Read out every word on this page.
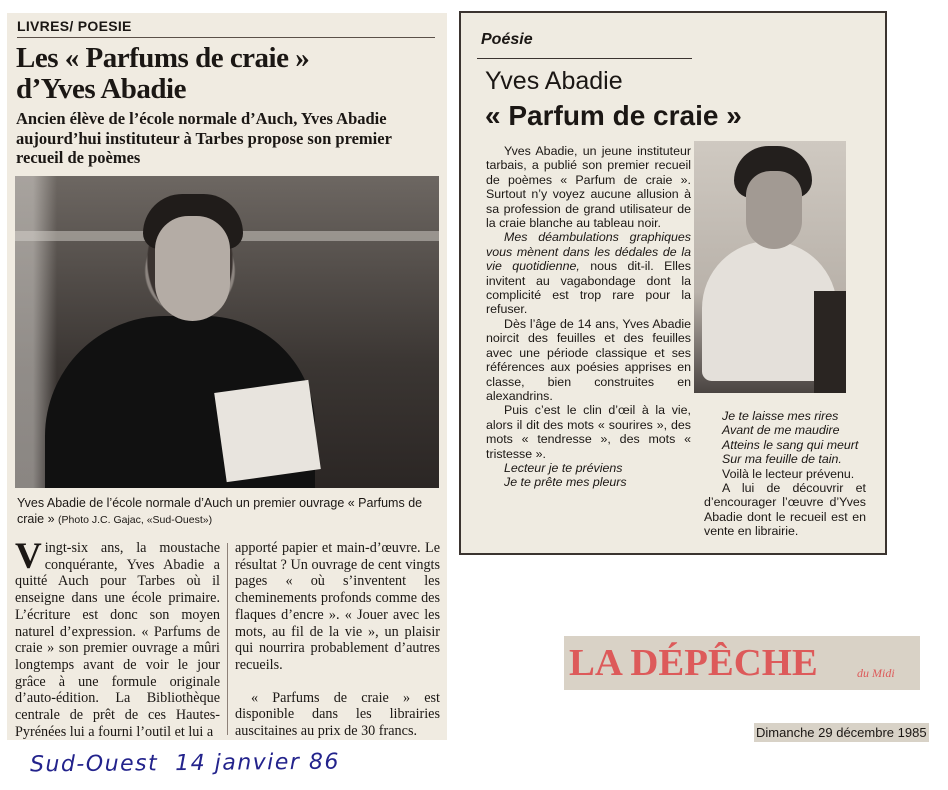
LIVRES/ POESIE
Les « Parfums de craie »
d’Yves Abadie
Ancien élève de l’école normale d’Auch, Yves Abadie aujourd’hui instituteur à Tarbes propose son premier recueil de poèmes
Yves Abadie de l’école normale d’Auch un premier ouvrage « Parfums de craie » (Photo J.C. Gajac, «Sud-Ouest»)
Vingt-six ans, la moustache conquérante, Yves Abadie a quitté Auch pour Tarbes où il enseigne dans une école primaire. L’écriture est donc son moyen naturel d’expression. « Parfums de craie » son premier ouvrage a mûri longtemps avant de voir le jour grâce à une formule originale d’auto-édition. La Bibliothèque centrale de prêt de ces Hautes-Pyrénées lui a fourni l’outil et lui a
apporté papier et main-d’œuvre. Le résultat ? Un ouvrage de cent vingts pages « où s’inventent les cheminements profonds comme des flaques d’encre ». « Jouer avec les mots, au fil de la vie », un plaisir qui nourrira probablement d’autres recueils.
« Parfums de craie » est disponible dans les librairies auscitaines au prix de 30 francs.
Poésie
Yves Abadie
« Parfum de craie »

Yves Abadie, un jeune instituteur tarbais, a publié son premier recueil de poèmes « Parfum de craie ». Surtout n’y voyez aucune allusion à sa profession de grand utilisateur de la craie blanche au tableau noir.

Mes déambulations graphiques vous mènent dans les dédales de la vie quotidienne, nous dit-il. Elles invitent au vagabondage dont la complicité est trop rare pour la refuser.

Dès l’âge de 14 ans, Yves Abadie noircit des feuilles et des feuilles avec une période classique et ses références aux poésies apprises en classe, bien construites en alexandrins.

Puis c’est le clin d’œil à la vie, alors il dit des mots « sourires », des mots « tendresse », des mots « tristesse ».

Lecteur je te préviens

Je te prête mes pleurs

Je te laisse mes rires

Avant de me maudire

Atteins le sang qui meurt

Sur ma feuille de tain.

Voilà le lecteur prévenu.

A lui de découvrir et d’encourager l’œuvre d’Yves Abadie dont le recueil est en vente en librairie.

LA DÉPÊCHE	du Midi
Dimanche 29 décembre 1985
Sud-Ouest  14 janvier 86
